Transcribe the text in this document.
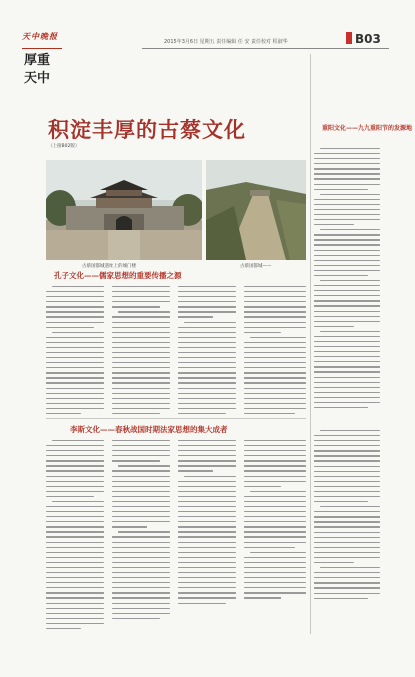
天中晚报
厚重天中
2015年3月6日 星期五 责任编辑 任 安 责任校对 程淑华	B03
积淀丰厚的古蔡文化
（上接B02版）
古蔡国都城遗址上的城门楼	古蔡国都城——
重阳文化——九九重阳节的发源地
孔子文化——儒家思想的重要传播之源
李斯文化——春秋战国时期法家思想的集大成者
